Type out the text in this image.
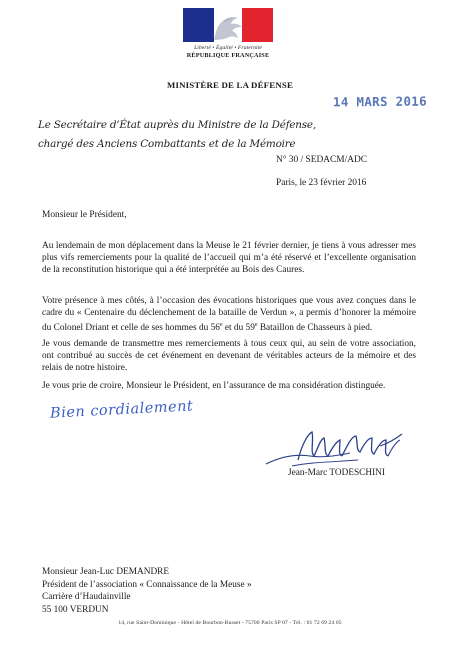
Liberté • Égalité • Fraternité
RÉPUBLIQUE FRANÇAISE
MINISTÈRE DE LA DÉFENSE
14 MARS 2016
Le Secrétaire d’État auprès du Ministre de la Défense,
chargé des Anciens Combattants et de la Mémoire
N° 30 / SEDACM/ADC
Paris, le 23 février 2016
Monsieur le Président,
Au lendemain de mon déplacement dans la Meuse le 21 février dernier, je tiens à vous adresser mes plus vifs remerciements pour la qualité de l’accueil qui m’a été réservé et l’excellente organisation de la reconstitution historique qui a été interprétée au Bois des Caures.
Votre présence à mes côtés, à l’occasion des évocations historiques que vous avez conçues dans le cadre du « Centenaire du déclenchement de la bataille de Verdun », a permis d’honorer la mémoire du Colonel Driant et celle de ses hommes du 56e et du 59e Bataillon de Chasseurs à pied.
Je vous demande de transmettre mes remerciements à tous ceux qui, au sein de votre association, ont contribué au succès de cet événement en devenant de véritables acteurs de la mémoire et des relais de notre histoire.
Je vous prie de croire, Monsieur le Président, en l’assurance de ma considération distinguée.
Bien cordialement
Jean-Marc TODESCHINI
Monsieur Jean-Luc DEMANDRE
Président de l’association « Connaissance de la Meuse »
Carrière d’Haudainville
55 100 VERDUN
14, rue Saint-Dominique - Hôtel de Bourbon-Busset - 75700 Paris SP 07 - Tél. : 01 72 69 24 05
